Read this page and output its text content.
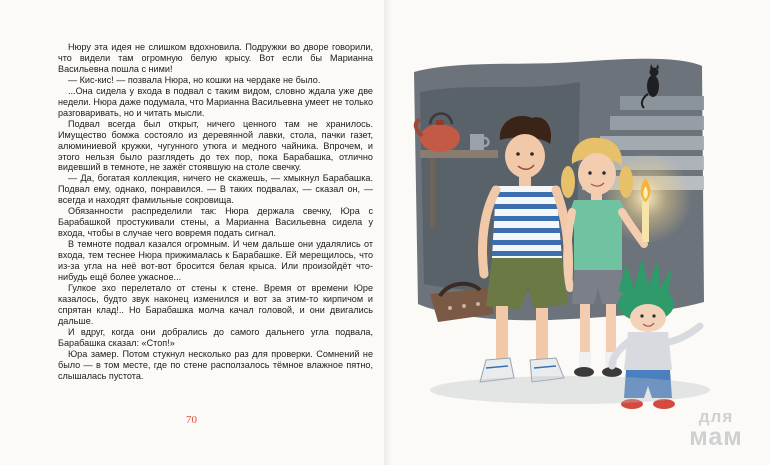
Нюру эта идея не слишком вдохновила. Подружки во дворе говорили, что видели там огромную белую крысу. Вот если бы Марианна Васильевна пошла с ними!

— Кис-кис! — позвала Нюра, но кошки на чердаке не было.

...Она сидела у входа в подвал с таким видом, словно ждала уже две недели. Нюра даже подумала, что Марианна Васильевна умеет не только разговаривать, но и читать мысли.

Подвал всегда был открыт, ничего ценного там не хранилось. Имущество бомжа состояло из деревянной лавки, стола, пачки газет, алюминиевой кружки, чугунного утюга и медного чайника. Впрочем, и этого нельзя было разглядеть до тех пор, пока Барабашка, отлично видевший в темноте, не зажёг стоявшую на столе свечку.

— Да, богатая коллекция, ничего не скажешь, — хмыкнул Барабашка. Подвал ему, однако, понравился. — В таких подвалах, — сказал он, — всегда и находят фамильные сокровища.

Обязанности распределили так: Нюра держала свечку, Юра с Барабашкой простукивали стены, а Марианна Васильевна сидела у входа, чтобы в случае чего вовремя подать сигнал.

В темноте подвал казался огромным. И чем дальше они удалялись от входа, тем теснее Нюра прижималась к Барабашке. Ей мерещилось, что из-за угла на неё вот-вот бросится белая крыса. Или произойдёт что-нибудь ещё более ужасное...

Гулкое эхо перелетало от стены к стене. Время от времени Юре казалось, будто звук наконец изменился и вот за этим-то кирпичом и спрятан клад!.. Но Барабашка молча качал головой, и они двигались дальше.

И вдруг, когда они добрались до самого дальнего угла подвала, Барабашка сказал: «Стоп!»

Юра замер. Потом стукнул несколько раз для проверки. Сомнений не было — в том месте, где по стене расползалось тёмное влажное пятно, слышалась пустота.

70	для
мам
